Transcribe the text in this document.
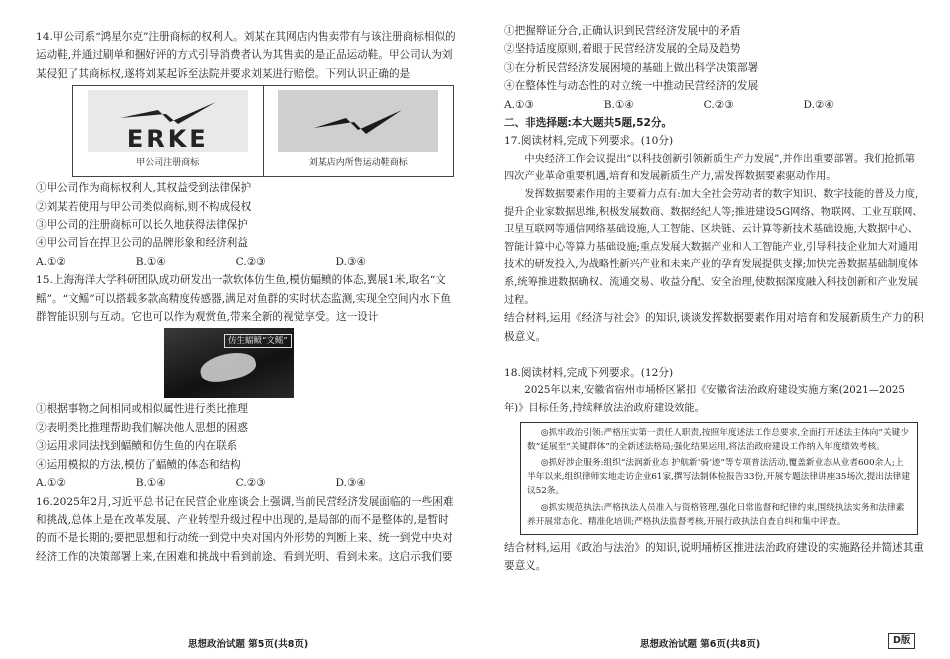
14.甲公司系“鸿星尔克”注册商标的权利人。刘某在其网店内售卖带有与该注册商标相似的运动鞋,并通过刷单和捆好评的方式引导消费者认为其售卖的是正品运动鞋。甲公司认为刘某侵犯了其商标权,遂将刘某起诉至法院并要求刘某进行赔偿。下列认识正确的是

ERKE
甲公司注册商标	刘某店内所售运动鞋商标

①甲公司作为商标权利人,其权益受到法律保护

②刘某若使用与甲公司类似商标,则不构成侵权

③甲公司的注册商标可以长久地获得法律保护

④甲公司旨在捍卫公司的品牌形象和经济利益

A.①②	B.①④	C.②③	D.③④

15.上海海洋大学科研团队成功研发出一款软体仿生鱼,模仿蝠鲼的体态,翼展1米,取名“文鳐”。“文鳐”可以搭载多款高精度传感器,满足对鱼群的实时状态监测,实现全空间内水下鱼群智能识别与互动。它也可以作为观赏鱼,带来全新的视觉享受。这一设计

仿生蝠鲼“文鳐”

①根据事物之间相同或相似属性进行类比推理

②表明类比推理帮助我们解决他人思想的困惑

③运用求同法找到蝠鲼和仿生鱼的内在联系

④运用模拟的方法,模仿了蝠鲼的体态和结构

A.①②	B.①④	C.②③	D.③④

16.2025年2月,习近平总书记在民营企业座谈会上强调,当前民营经济发展面临的一些困难和挑战,总体上是在改革发展、产业转型升级过程中出现的,是局部的而不是整体的,是暂时的而不是长期的;要把思想和行动统一到党中央对国内外形势的判断上来、统一到党中央对经济工作的决策部署上来,在困难和挑战中看到前途、看到光明、看到未来。这启示我们要

①把握辩证分合,正确认识到民营经济发展中的矛盾

②坚持适度原则,着眼于民营经济发展的全局及趋势

③在分析民营经济发展困境的基础上做出科学决策部署

④在整体性与动态性的对立统一中推动民营经济的发展

A.①③	B.①④	C.②③	D.②④

二、非选择题:本大题共5题,52分。

17.阅读材料,完成下列要求。(10分)

中央经济工作会议提出“以科技创新引领新质生产力发展”,并作出重要部署。我们抢抓第四次产业革命重要机遇,培育和发展新质生产力,需发挥数据要素驱动作用。

发挥数据要素作用的主要着力点有:加大全社会劳动者的数字知识、数字技能的普及力度,提升企业家数据思维,积极发展数商、数据经纪人等;推进建设5G网络、物联网、工业互联网、卫星互联网等通信网络基础设施,人工智能、区块链、云计算等新技术基础设施,大数据中心、智能计算中心等算力基础设施;重点发展大数据产业和人工智能产业,引导科技企业加大对通用技术的研发投入,为战略性新兴产业和未来产业的孕育发展提供支撑;加快完善数据基础制度体系,统筹推进数据确权、流通交易、收益分配、安全治理,使数据深度融入科技创新和产业发展过程。

结合材料,运用《经济与社会》的知识,谈谈发挥数据要素作用对培育和发展新质生产力的积极意义。

18.阅读材料,完成下列要求。(12分)

2025年以来,安徽省宿州市埇桥区紧扣《安徽省法治政府建设实施方案(2021—2025年)》目标任务,持续释放法治政府建设效能。

◎抓牢政治引领:严格压实第一责任人职责,按照年度述法工作总要求,全面打开述法主体向“关键少数”延展至“关键群体”的全新述法格局;强化结果运用,将法治政府建设工作纳入年度绩效考核。

◎抓好涉企服务:组织“法润新业态 护航新‘骑’迹”等专项普法活动,覆盖新业态从业者600余人;上半年以来,组织律师实地走访企业61家,撰写法制体检报告33份,开展专题法律讲座35场次,提出法律建议52条。

◎抓实规范执法:严格执法人员准入与资格管理,强化日常监督和纪律约束,围绕执法实务和法律素养开展常态化、精准化培训;严格执法监督考核,开展行政执法自查自纠和集中评查。

结合材料,运用《政治与法治》的知识,说明埇桥区推进法治政府建设的实施路径并简述其重要意义。

思想政治试题 第5页(共8页)	思想政治试题 第6页(共8页)	D版
